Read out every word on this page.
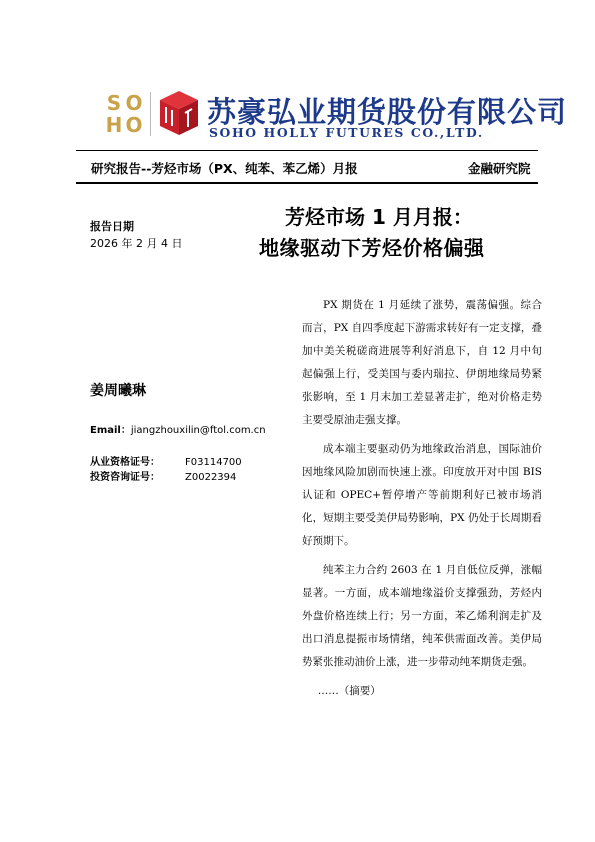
S O
H O 苏豪弘业期货股份有限公司
SOHO HOLLY FUTURES CO.,LTD.
研究报告--芳烃市场（PX、纯苯、苯乙烯）月报	金融研究院
报告日期
2026 年 2 月 4 日
姜周曦琳
Email：jiangzhouxilin@ftol.com.cn
从业资格证号：	F03114700
投资咨询证号：	Z0022394
芳烃市场 1 月月报：
地缘驱动下芳烃价格偏强

PX 期货在 1 月延续了涨势，震荡偏强。综合而言，PX 自四季度起下游需求转好有一定支撑，叠加中美关税磋商进展等利好消息下，自 12 月中旬起偏强上行，受美国与委内瑞拉、伊朗地缘局势紧张影响，至 1 月末加工差显著走扩，绝对价格走势主要受原油走强支撑。

成本端主要驱动仍为地缘政治消息，国际油价因地缘风险加剧而快速上涨。印度放开对中国 BIS 认证和 OPEC+暂停增产等前期利好已被市场消化，短期主要受美伊局势影响，PX 仍处于长周期看好预期下。

纯苯主力合约 2603 在 1 月自低位反弹，涨幅显著。一方面，成本端地缘溢价支撑强劲，芳烃内外盘价格连续上行；另一方面，苯乙烯利润走扩及出口消息提振市场情绪，纯苯供需面改善。美伊局势紧张推动油价上涨，进一步带动纯苯期货走强。

……（摘要）
